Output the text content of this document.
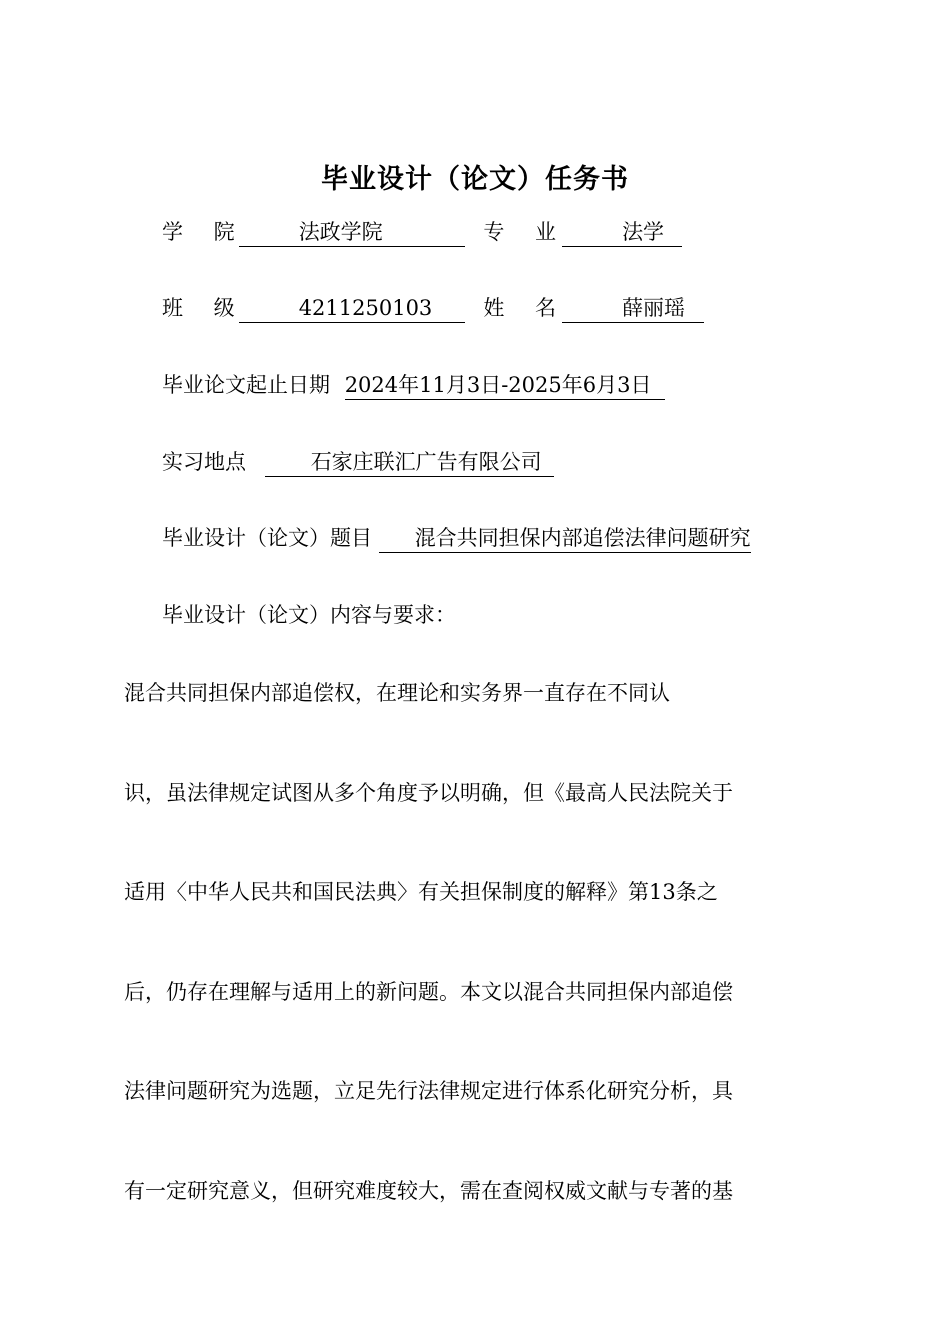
毕业设计（论文）任务书
学 院 法政学院	专 业	法学
班 级 4211250103 姓 名	薛丽瑶
毕业论文起止日期 2024年11月3日-2025年6月3日
实习地点	石家庄联汇广告有限公司
毕业设计（论文）题目 混合共同担保内部追偿法律问题研究
毕业设计（论文）内容与要求：
混合共同担保内部追偿权，在理论和实务界一直存在不同认
识，虽法律规定试图从多个角度予以明确，但《最高人民法院关于
适用〈中华人民共和国民法典〉有关担保制度的解释》第13条之
后，仍存在理解与适用上的新问题。本文以混合共同担保内部追偿
法律问题研究为选题，立足先行法律规定进行体系化研究分析，具
有一定研究意义，但研究难度较大，需在查阅权威文献与专著的基
